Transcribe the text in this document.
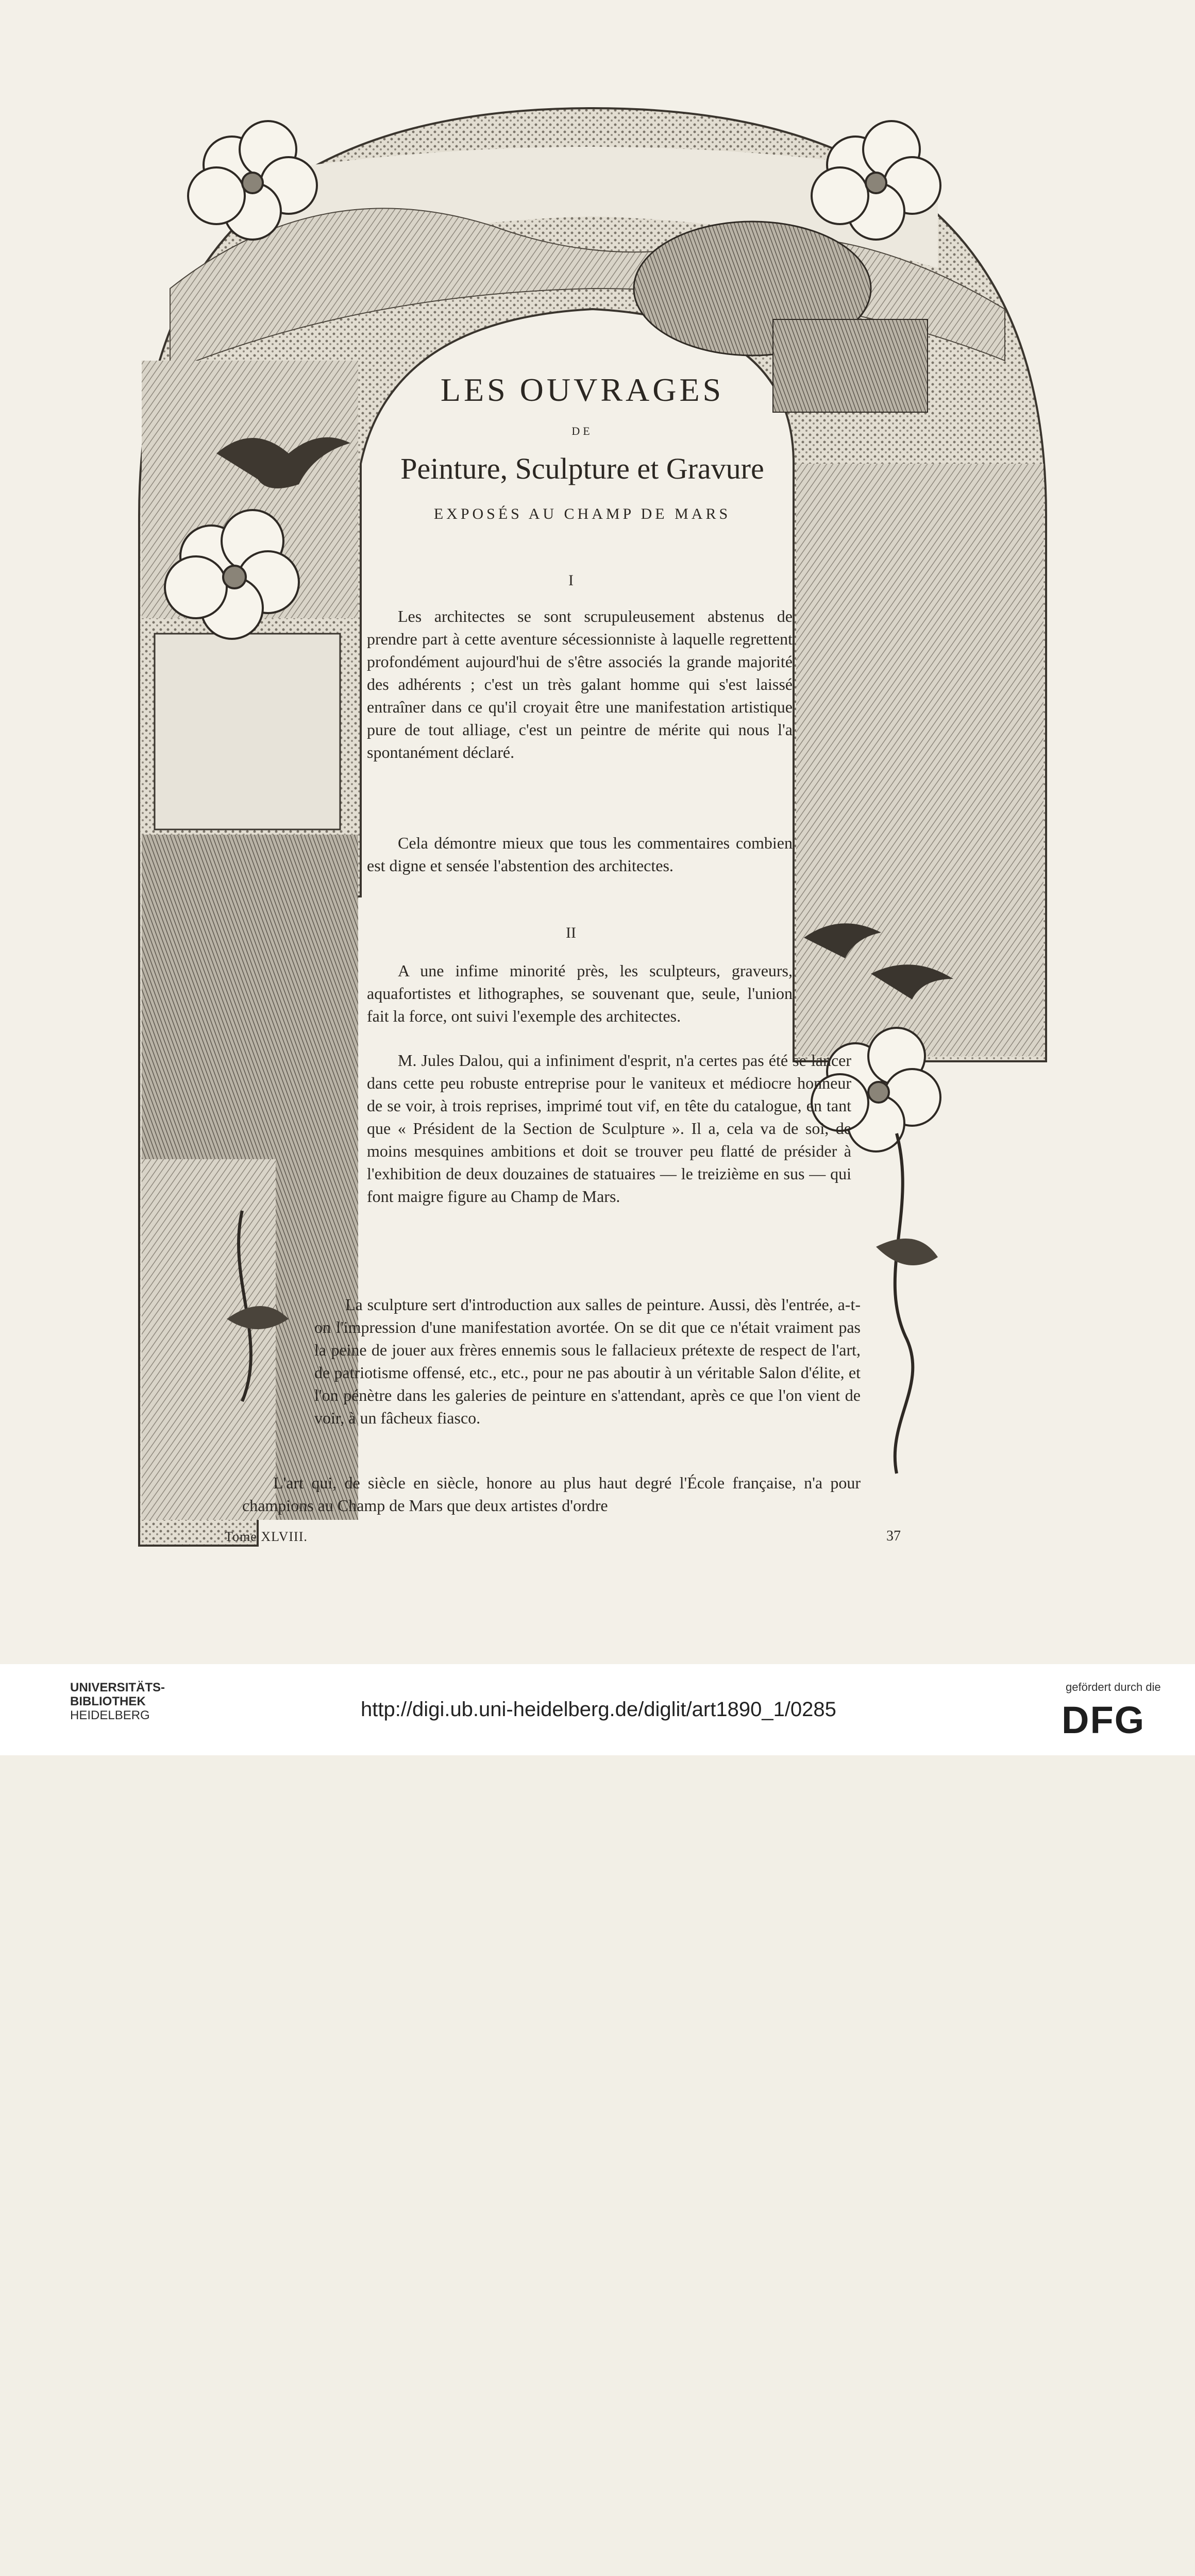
LES OUVRAGES
DE
Peinture, Sculpture et Gravure
EXPOSÉS AU CHAMP DE MARS
I

Les architectes se sont scrupuleusement abstenus de prendre part à cette aventure sécessionniste à laquelle regrettent profondément aujourd'hui de s'être associés la grande majorité des adhérents ; c'est un très galant homme qui s'est laissé entraîner dans ce qu'il croyait être une manifestation artistique pure de tout alliage, c'est un peintre de mérite qui nous l'a spontanément déclaré.

Cela démontre mieux que tous les commentaires combien est digne et sensée l'abstention des architectes.

II

A une infime minorité près, les sculpteurs, graveurs, aquafortistes et lithographes, se souvenant que, seule, l'union fait la force, ont suivi l'exemple des architectes.

M. Jules Dalou, qui a infiniment d'esprit, n'a certes pas été se lancer dans cette peu robuste entreprise pour le vaniteux et médiocre honneur de se voir, à trois reprises, imprimé tout vif, en tête du catalogue, en tant que « Président de la Section de Sculpture ». Il a, cela va de soi, de moins mesquines ambitions et doit se trouver peu flatté de présider à l'exhibition de deux douzaines de statuaires — le treizième en sus — qui font maigre figure au Champ de Mars.

La sculpture sert d'introduction aux salles de peinture. Aussi, dès l'entrée, a-t-on l'impression d'une manifestation avortée. On se dit que ce n'était vraiment pas la peine de jouer aux frères ennemis sous le fallacieux prétexte de respect de l'art, de patriotisme offensé, etc., etc., pour ne pas aboutir à un véritable Salon d'élite, et l'on pénètre dans les galeries de peinture en s'attendant, après ce que l'on vient de voir, à un fâcheux fiasco.

L'art qui, de siècle en siècle, honore au plus haut degré l'École française, n'a pour champions au Champ de Mars que deux artistes d'ordre

Tome XLVIII.	37
UNIVERSITÄTS-
BIBLIOTHEK
HEIDELBERG	http://digi.ub.uni-heidelberg.de/diglit/art1890_1/0285
gefördert durch die
DFG
